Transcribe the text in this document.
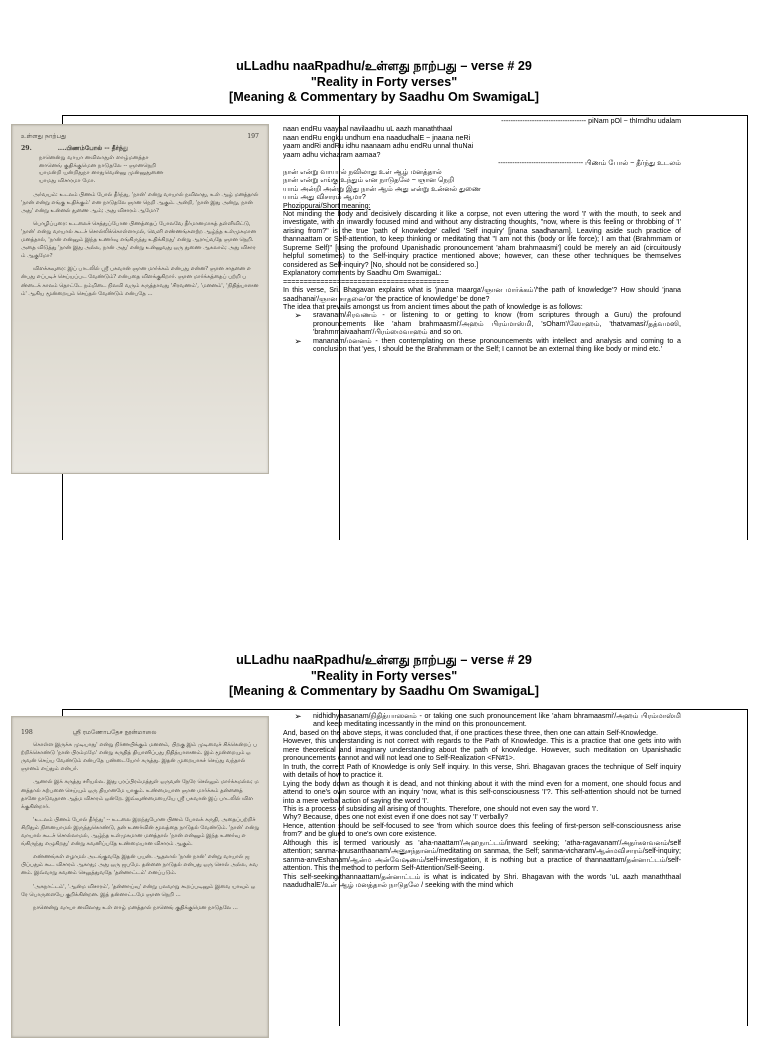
uLLadhu naaRpadhu/உள்ளது நாற்பது – verse # 29
"Reality in Forty verses"
[Meaning & Commentary by Saadhu Om SwamigaL]
உள்ளது நாற்பது	197
29.	....பிணம்போல் -- தீர்ந்து
நானென்று வாயா னவிலாதுள் ளாழ்மனத்தா
னானெங் குதிக்குமென நாடுதலே -- ஞானநெறி
யாமன்றி யன்றிதுநா னாதுவென்னு முன்னுதுணை
யாமது விசாரமா மோ.
அர்வயம்: உடலம் பிணம் போல் தீர்ந்து, 'நான்' என்று வாயால் நவிலாது, உள் ஆழ் மனத்தால் 'நான் என்று எங்கு உதிக்கும்' என நாடுதலே ஞான நெறி ஆகும். அன்றி, 'நான் இது அன்று, நான் அது' என்று உன்னல் துணை ஆம்; அது விசாரம் ஆமோ?
பொழிப்புரை: உடலைச் செத்துப்போன பிணத்தைப் போலவே தீர்மானமாகத் தள்ளிவிட்டு, 'நான்' என்று வாயால் கூடச் சொல்லிக்கொள்ளாமல், வெளி எண்ணங்களற்ற ஆழ்ந்த உள்முகமான மனத்தால், 'நான் என்னும் இந்த உணர்வு எங்கிருந்து உதிக்கிறது' என்று ஆராய்வதே ஞான நெறி. அதை விடுத்து 'நான் இது அல்ல, நான் அது' என்று உன்னுவது ஒரு துணை ஆகலாம்; அது விசாரம் ஆகுமோ?
விளக்கவுரை: இப் பாடலில் ஸ்ரீ பகவான் ஞான மார்க்கம் என்பது என்ன? ஞான சாதனை என்பது எப்படிச் செய்யப்பட வேண்டும்? என்பதை விளக்குகிறார். ஞான மார்க்கத்தைப் பற்றி பண்டைக் காலம் தொட்டே நம்மிடை நிலவி வரும் கருத்தாவது 'சிரவணம்', 'மனனம்', 'நிதித்யாஸனம்' ஆகிய மூன்றையும் செய்தல் வேண்டும் என்பதே ...

------------------------------------ piNam pOl ~ thIrndhu udalam

naan endRu vaayaal navilaadhu uL aazh manaththaal

naan endRu engku undhum ena naadudhalE ~ jnaana neRi

yaam andRi andRu idhu naanaam adhu endRu unnal thuNai

yaam adhu vichaaram aamaa?

------------------------------------ பிணம் போல் ~ தீர்ந்து உடலம்

நான் என்று வாயால் நவிலாது உள் ஆழ் மனத்தால்

நான் என்று எங்கு உந்தும் என நாடுதலே ~ ஞான நெறி

யாம் அன்றி அன்று இது நான் ஆம் அது என்று உன்னல் துணை

யாம் அது விசாரம் ஆமா?

Phozippurai/Short meaning:

Not minding the body and decisively discarding it like a corpse, not even uttering the word 'I' with the mouth, to seek and investigate, with an inwardly focused mind and without any distracting thoughts, "now, where is this feeling or throbbing of 'I' arising from?" is the true 'path of knowledge' called 'Self inquiry' [jnana saadhanam]. Leaving aside such practice of thannaattam or Self-attention, to keep thinking or meditating that "I am not this (body or life force); I am that (Brahmmam or Supreme Self)" [using the profound Upanishadic pronouncement 'aham brahmaasmi'] could be merely an aid (circuitously helpful sometimes) to the Self-inquiry practice mentioned above; however, can these other techniques be themselves considered as Self-inquiry? [No, should not be considered so.]

Explanatory comments by Saadhu Om SwamigaL:

========================================

In this verse, Sri. Bhagavan explains what is 'jnana maarga'/ஞான மார்க்கம்'/'the path of knowledge'? How should 'jnana saadhanai'/ஞான சாதனை'or 'the practice of knowledge' be done?

The idea that prevails amongst us from ancient times about the path of knowledge is as follows:

➢	sravanam/சிரவணம் - or listening to or getting to know (from scriptures through a Guru) the profound pronouncements like 'aham brahmaasmi'/அஹம் பிரம்மாஸ்மி, 'sOham'/ஸோஹம், 'thatvamasi'/தத்வமஸி, 'brahmmaivaaham'/பிரம்மைவாஹம் and so on.
➢	mananam/மனனம் - then contemplating on these pronouncements with intellect and analysis and coming to a conclusion that 'yes, I should be the Brahmmam or the Self; I cannot be an external thing like body or mind etc.'
uLLadhu naaRpadhu/உள்ளது நாற்பது – verse # 29
"Reality in Forty verses"
[Meaning & Commentary by Saadhu Om SwamigaL]
198	ஸ்ரீ ரமணோபதேச நூன்மாலை
கொள்ள இருக்க முடியாது' என்று நிர்ணயிக்கும் மனனம், பிறகு இம் முடிவைச் சிக்கென்றப் பற்றிக்கொண்டு 'நான் பிரம்மமே' என்று கருதித் தியானிப்பது நிதித்யாஸனம். இம் மூன்றையும் ஒருவன் செய்ய வேண்டும் என்பதே பண்டையோர் கருத்து. இதன் முறையாகச் செய்து வந்தால் ஞானம் எய்தும் என்பர்.
ஆனால் இக் கருத்து சரியல்ல. இது பரப்பிரம்மத்துள் ஒருவன் நேரே செல்லும் மார்க்கமல்ல; மனத்தால் கற்பனை செய்யும் ஒரு தியானமே யாகும். உண்மையான ஞான மார்க்கம் தன்னைத் தானே நாடுவதான ஆத்ம விசாரம் ஒன்றே. இவ்வுண்மையையே ஸ்ரீ பகவான் இப் பாடலில் விளக்குகின்றார்.
'உடலம் பிணம் போல் தீர்ந்து' -- உடலை இறந்துபோன பிணம் போலக் கருதி, அதைப்பற்றிச் சிறிதும் நினையாமல் இருந்துகொண்டு, தன் உணர்வின் மூலத்தை நாடுதல் வேண்டும். 'நான்' என்று வாயால் கூடச் சொல்லாமல், ஆழ்ந்த உள்முகமான மனத்தால் 'நான் என்னும் இந்த உணர்வு எங்கிருந்து எழுகிறது' என்று கவனிப்பதே உண்மையான விசாரம் ஆகும்.
எண்ணங்கள் எழாமல் அடங்குவதே இதன் பயன். ஆதலால் 'நான் நான்' என்று வாயால் ஜபிப்பதும் கூட விசாரம் ஆகாது; அது ஒரு ஜபமே. தன்னை நாடுதல் என்பது ஒரு சொல் அல்ல, கவனம். இவ்வாறு கவனம் செலுத்துவதே 'தன்னாட்டம்' எனப்படும்.
'அகநாட்டம்', 'ஆன்ம விசாரம்', 'தன்னாய்வு' என்று பலவாறு கூறப்படினும் இவை யாவும் ஒரே பொருளையே குறிக்கின்றன. இத் தன்னாட்டமே ஞான நெறி ...
நானென்று வாயா னவிலாது உள் ளாழ் மனத்தால் நானெங் குதிக்குமென நாடுதலே ...
➢	nidhidhyaasanam/நிதித்யாஸனம் - or taking one such pronouncement like 'aham bhramaasmi'/அஹம் பிரம்மாஸ்மி and keep meditating incessantly in the mind on this pronouncement.

And, based on the above steps, it was concluded that, if one practices these three, then one can attain Self-Knowledge.

However, this understanding is not correct with regards to the Path of Knowledge. This is a practice that one gets into with mere theoretical and imaginary understanding about the path of knowledge. However, such meditation on Upanishadic pronouncements cannot and will not lead one to Self-Realization <FN#1>.

In truth, the correct Path of Knowledge is only Self inquiry. In this verse, Shri. Bhagavan graces the technique of Self inquiry with details of how to practice it.

Lying the body down as though it is dead, and not thinking about it with the mind even for a moment, one should focus and attend to one's own source with an inquiry 'now, what is this self-consciousness 'I'?. This self-attention should not be turned into a mere verbal action of saying the word 'I'.

This is a process of subsiding all arising of thoughts. Therefore, one should not even say the word 'I'.

Why? Because, does one not exist even if one does not say 'I' verbally?

Hence, attention should be self-focused to see 'from which source does this feeling of first-person self-consciousness arise from?' and be glued to one's own core existence.

Although this is termed variously as 'aha-naattam'/அஹநாட்டம்/inward seeking; 'atha-ragavanam'/அதர்களவனம்/self attention; sanma-anusanthaanam/அனுசந்தானம்/meditating on sanmaa, the Self; sanma-vicharam/ஆன்மவிசாரம்/self-inquiry; sanma-anvEshanam/ஆன்ம அன்வேஷணம்/self-investigation, it is nothing but a practice of thannaattam/தன்னாட்டம்/self-attention. This the method to perform Self-Attention/Self-Seeing.

This self-seeking/thannaattam/தன்னாட்டம் is what is indicated by Shri. Bhagavan with the words 'uL aazh manaththaal naadudhalE'/உள் ஆழ் மனத்தால் நாடுதலே / seeking with the mind which
